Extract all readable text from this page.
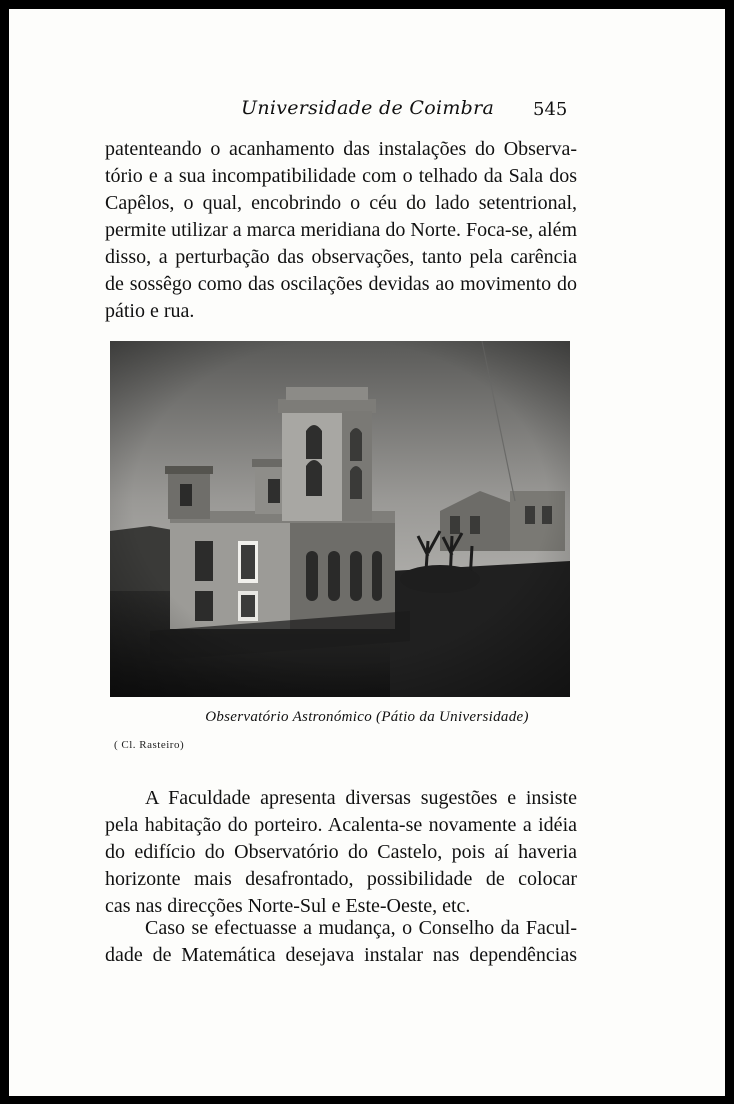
Universidade de Coimbra 545
patenteando o acanhamento das instalações do Observa-
tório e a sua incompatibilidade com o telhado da Sala dos
Capêlos, o qual, encobrindo o céu do lado setentrional,
permite utilizar a marca meridiana do Norte. Foca-se, além
disso, a perturbação das observações, tanto pela carência
de sossêgo como das oscilações devidas ao movimento do
pátio e rua.
Observatório Astronómico (Pátio da Universidade)
( Cl. Rasteiro)
A Faculdade apresenta diversas sugestões e insiste
pela habitação do porteiro. Acalenta-se novamente a idéia
do edifício do Observatório do Castelo, pois aí haveria
horizonte mais desafrontado, possibilidade de colocar
cas nas direcções Norte-Sul e Este-Oeste, etc.
Caso se efectuasse a mudança, o Conselho da Facul-
dade de Matemática desejava instalar nas dependências
